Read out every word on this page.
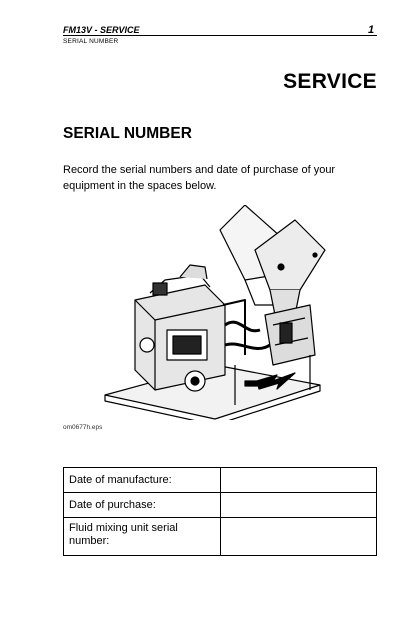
FM13V - SERVICE
SERIAL NUMBER
1
SERVICE
SERIAL NUMBER
Record the serial numbers and date of purchase of your equipment in the spaces below.
om0677h.eps
Date of manufacture:	
Date of purchase:	
Fluid mixing unit serial number:	
